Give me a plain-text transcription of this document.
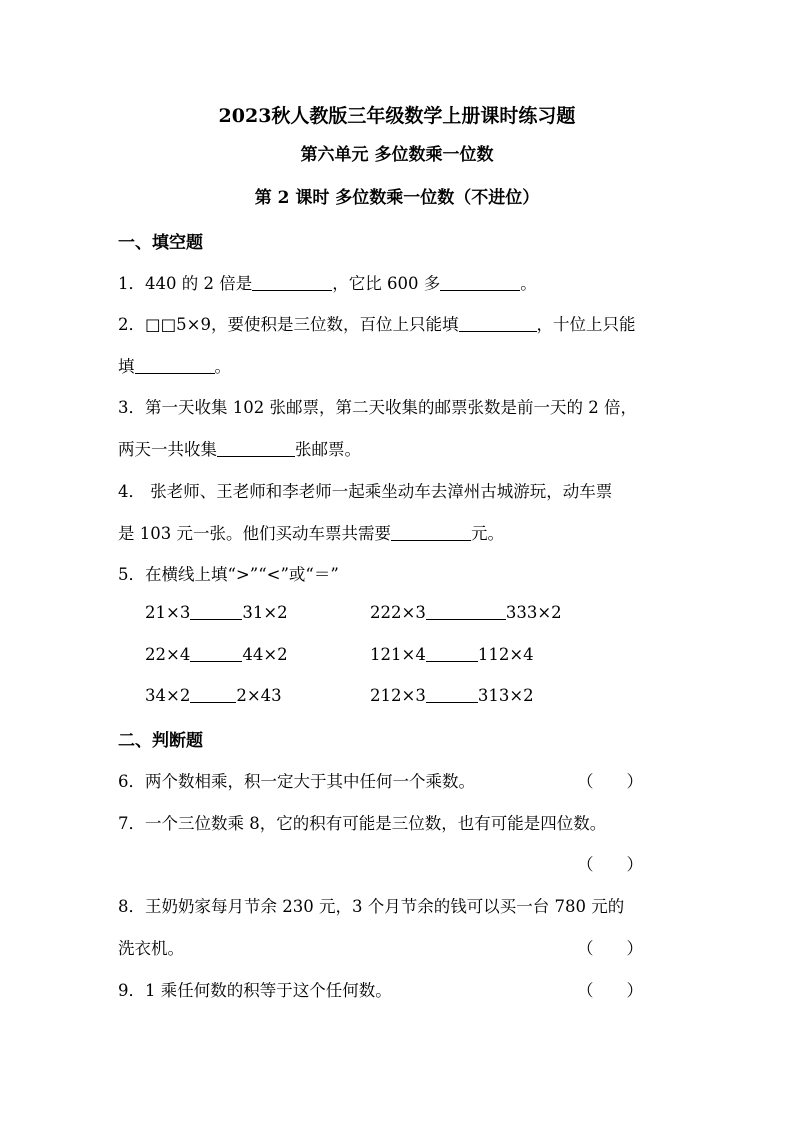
2023秋人教版三年级数学上册课时练习题
第六单元 多位数乘一位数
第 2 课时 多位数乘一位数（不进位）
一、填空题
1．440 的 2 倍是	，它比 600 多	。
2．□□5×9，要使积是三位数，百位上只能填	，十位上只能
填	。
3．第一天收集 102 张邮票，第二天收集的邮票张数是前一天的 2 倍，
两天一共收集	张邮票。
4． 张老师、王老师和李老师一起乘坐动车去漳州古城游玩，动车票
是 103 元一张。他们买动车票共需要	元。
5．在横线上填“>”“<”或“＝”
21×3	31×2	222×3	333×2
22×4	44×2	121×4	112×4
34×2	2×43	212×3	313×2
二、判断题
6．两个数相乘，积一定大于其中任何一个乘数。	（　　）
7．一个三位数乘 8，它的积有可能是三位数，也有可能是四位数。
（　　）
8．王奶奶家每月节余 230 元，3 个月节余的钱可以买一台 780 元的
洗衣机。	（　　）
9．1 乘任何数的积等于这个任何数。	（　　）
